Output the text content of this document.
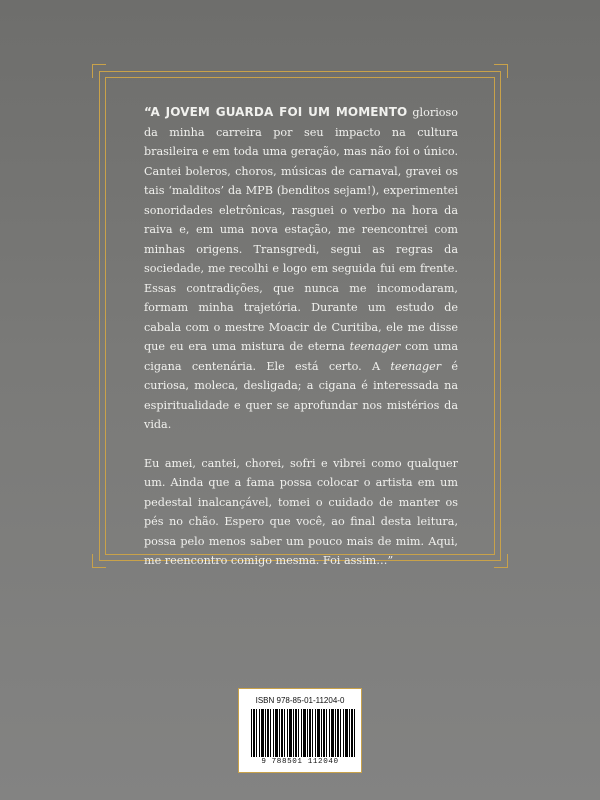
“A JOVEM GUARDA FOI UM MOMENTO glorioso da minha carreira por seu impacto na cultura brasileira e em toda uma geração, mas não foi o único. Cantei boleros, choros, músicas de carnaval, gravei os tais ‘malditos’ da MPB (benditos sejam!), experimentei sonoridades eletrônicas, rasguei o verbo na hora da raiva e, em uma nova estação, me reencontrei com minhas origens. Transgredi, segui as regras da sociedade, me recolhi e logo em seguida fui em frente. Essas contradições, que nunca me incomodaram, formam minha trajetória. Durante um estudo de cabala com o mestre Moacir de Curitiba, ele me disse que eu era uma mistura de eterna teenager com uma cigana centenária. Ele está certo. A teenager é curiosa, moleca, desligada; a cigana é interessada na espiritualidade e quer se aprofundar nos mistérios da vida.

Eu amei, cantei, chorei, sofri e vibrei como qualquer um. Ainda que a fama possa colocar o artista em um pedestal inalcançável, tomei o cuidado de manter os pés no chão. Espero que você, ao final desta leitura, possa pelo menos saber um pouco mais de mim. Aqui, me reencontro comigo mesma. Foi assim…”

ISBN 978-85-01-11204-0
9 788501 112040
